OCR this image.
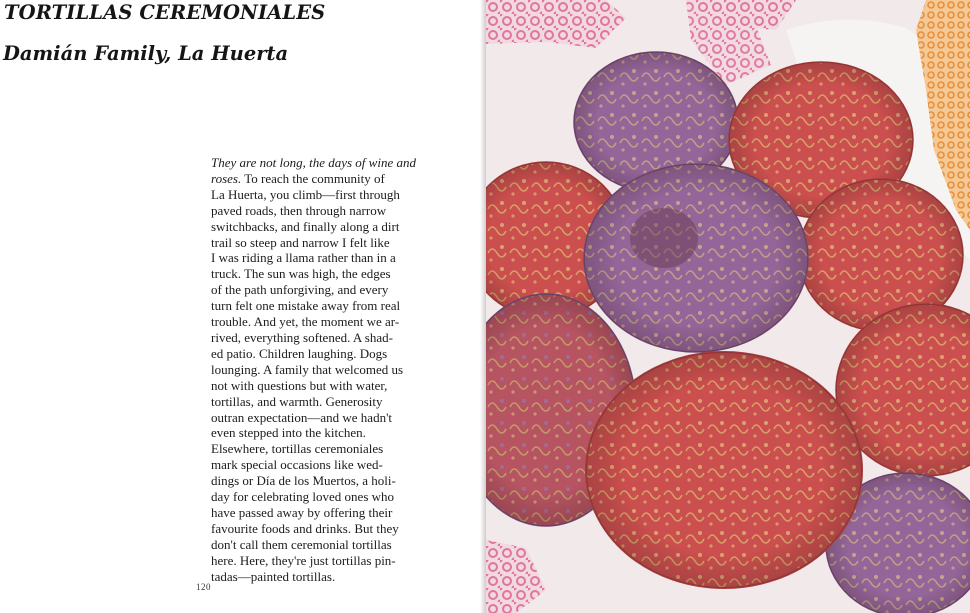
TORTILLAS CEREMONIALES
Damián Family, La Huerta
They are not long, the days of wine and
roses. To reach the community of
La Huerta, you climb—first through
paved roads, then through narrow
switchbacks, and finally along a dirt
trail so steep and narrow I felt like
I was riding a llama rather than in a
truck. The sun was high, the edges
of the path unforgiving, and every
turn felt one mistake away from real
trouble. And yet, the moment we ar-
rived, everything softened. A shad-
ed patio. Children laughing. Dogs
lounging. A family that welcomed us
not with questions but with water,
tortillas, and warmth. Generosity
outran expectation—and we hadn't
even stepped into the kitchen.
Elsewhere, tortillas ceremoniales
mark special occasions like wed-
dings or Día de los Muertos, a holi-
day for celebrating loved ones who
have passed away by offering their
favourite foods and drinks. But they
don't call them ceremonial tortillas
here. Here, they're just tortillas pin-
tadas—painted tortillas.
120
